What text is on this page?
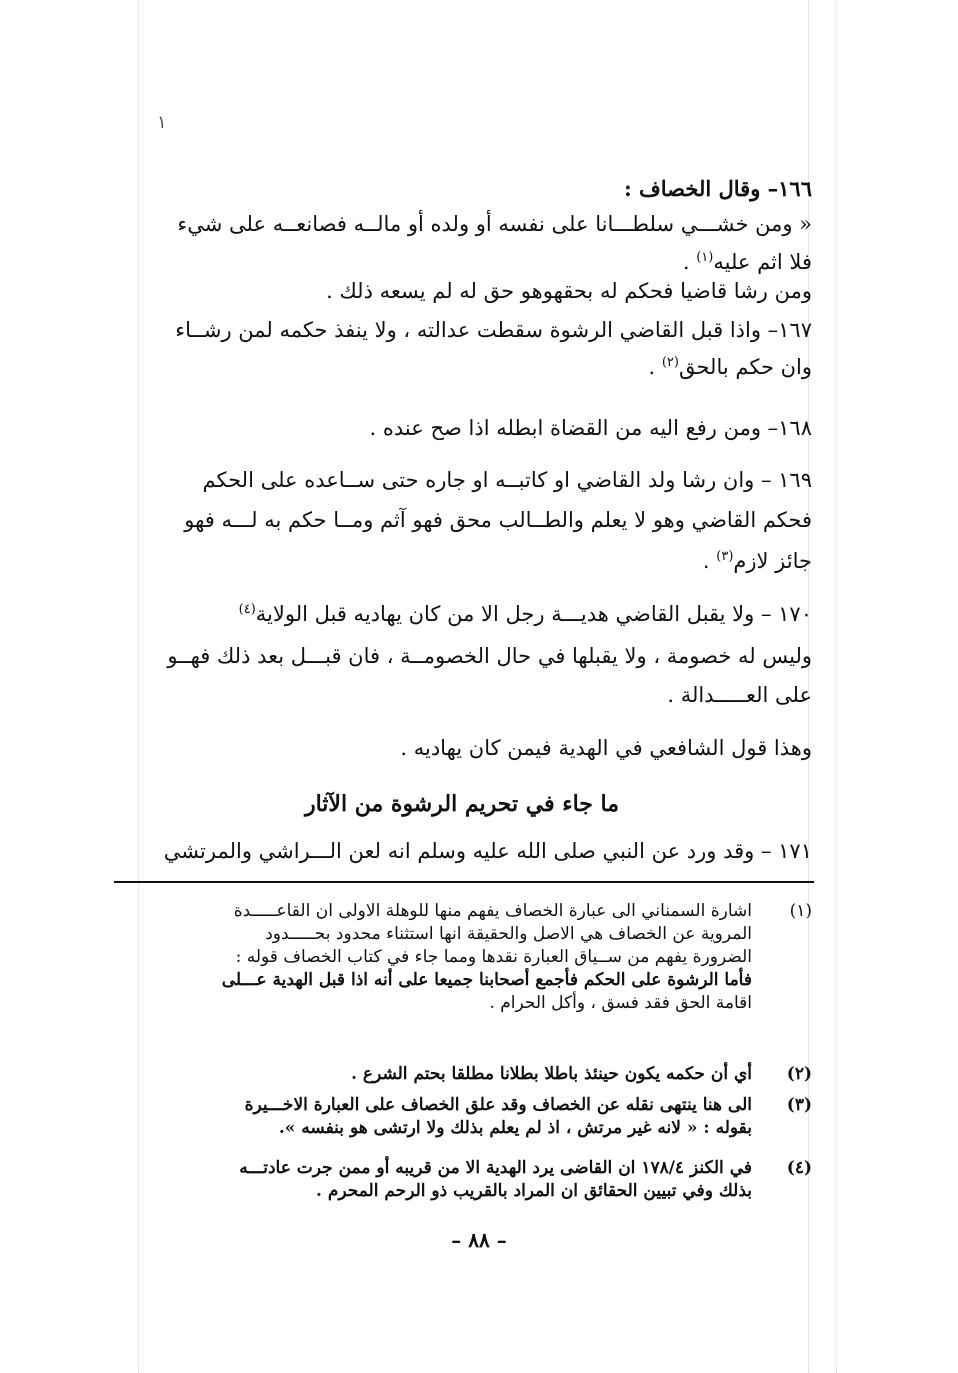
١
١٦٦– وقال الخصاف :
« ومن خشـــي سلطـــانا على نفسه أو ولده أو مالــه فصانعــه على شيء
فلا اثم عليه$^{(١)}$ .
ومن رشا قاضيا فحكم له بحقهوهو حق له لم يسعه ذلك .
١٦٧– واذا قبل القاضي الرشوة سقطت عدالته ، ولا ينفذ حكمه لمن رشــاء
وان حكم بالحق$^{(٢)}$ .
١٦٨– ومن رفع اليه من القضاة ابطله اذا صح عنده .
١٦٩ – وان رشا ولد القاضي او كاتبــه او جاره حتى ســاعده على الحكم
فحكم القاضي وهو لا يعلم والطــالب محق فهو آثم ومــا حكم به لـــه فهو
جائز لازم$^{(٣)}$ .
١٧٠ – ولا يقبل القاضي هديـــة رجل الا من كان يهاديه قبل الولاية$^{(٤)}$
وليس له خصومة ، ولا يقبلها في حال الخصومــة ، فان قبـــل بعد ذلك فهــو
على العـــــدالة .
وهذا قول الشافعي في الهدية فيمن كان يهاديه .
ما جاء في تحريم الرشوة من الآثار
١٧١ – وقد ورد عن النبي صلى الله عليه وسلم انه لعن الـــراشي والمرتشي
(١)
اشارة السمناني الى عبارة الخصاف يفهم منها للوهلة الاولى ان القاعـــــدة
المروية عن الخصاف هي الاصل والحقيقة انها استثناء محدود بحـــــدود
الضرورة يفهم من ســياق العبارة نقدها ومما جاء في كتاب الخصاف قوله :
فأما الرشوة على الحكم فأجمع أصحابنا جميعا على أنه اذا قبل الهدية عـــلى
اقامة الحق فقد فسق ، وأكل الحرام .
(٢)
أي أن حكمه يكون حينئذ باطلا بطلانا مطلقا بحتم الشرع .
(٣)
الى هنا ينتهى نقله عن الخصاف وقد علق الخصاف على العبارة الاخـــيرة
بقوله : « لانه غير مرتش ، اذ لم يعلم بذلك ولا ارتشى هو بنفسه ».
(٤)
في الكنز ١٧٨/٤ ان القاضى يرد الهدية الا من قريبه أو ممن جرت عادتـــه
بذلك وفي تبيين الحقائق ان المراد بالقريب ذو الرحم المحرم .
– ٨٨ –
